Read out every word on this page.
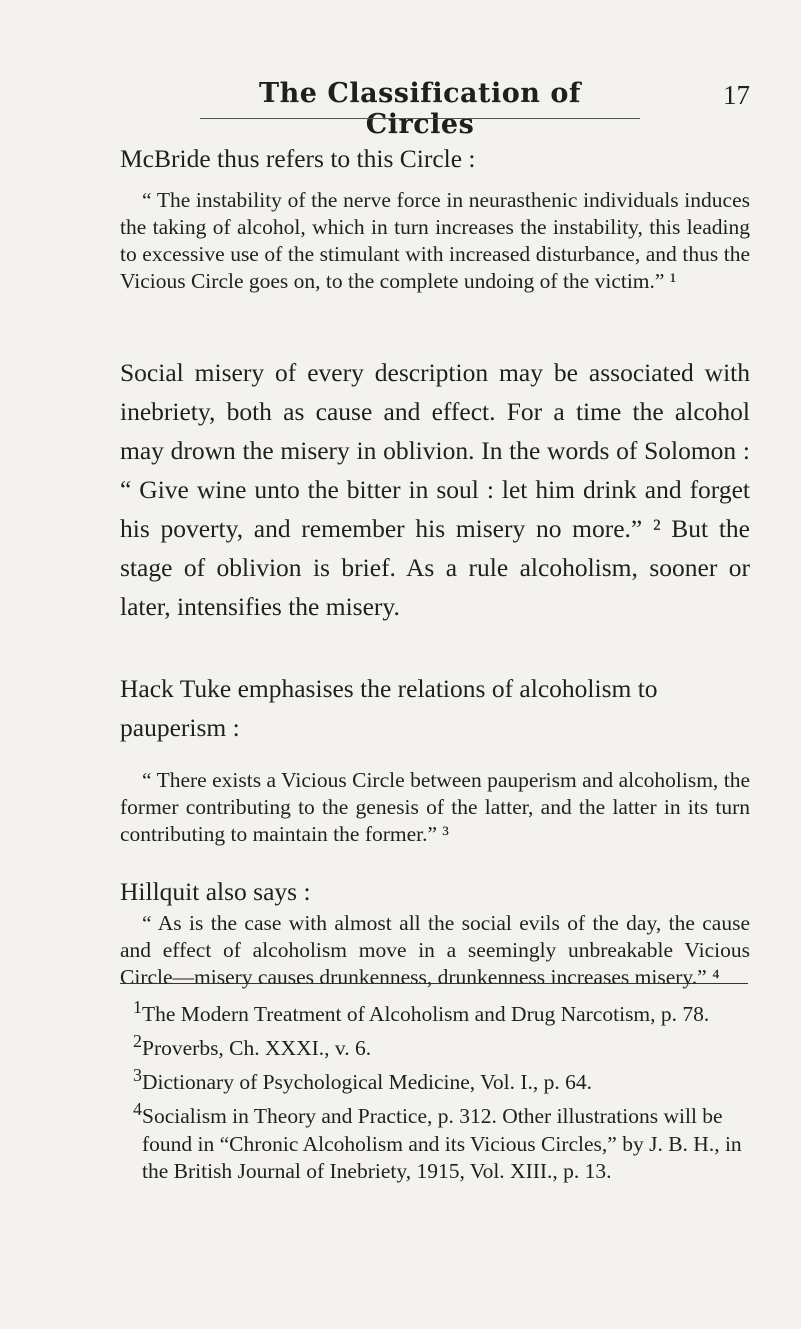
The Classification of Circles
17

McBride thus refers to this Circle :

“ The instability of the nerve force in neurasthenic individuals induces the taking of alcohol, which in turn increases the instability, this leading to excessive use of the stimulant with increased disturbance, and thus the Vicious Circle goes on, to the complete undoing of the victim.” ¹

Social misery of every description may be associated with inebriety, both as cause and effect. For a time the alcohol may drown the misery in oblivion. In the words of Solomon : “ Give wine unto the bitter in soul : let him drink and forget his poverty, and remember his misery no more.” ² But the stage of oblivion is brief. As a rule alcoholism, sooner or later, intensifies the misery.

Hack Tuke emphasises the relations of alcoholism to pauperism :

“ There exists a Vicious Circle between pauperism and alcoholism, the former contributing to the genesis of the latter, and the latter in its turn contributing to maintain the former.” ³

Hillquit also says :

“ As is the case with almost all the social evils of the day, the cause and effect of alcoholism move in a seemingly unbreakable Vicious Circle—misery causes drunkenness, drunkenness increases misery.” ⁴

$^1$The Modern Treatment of Alcoholism and Drug Narcotism, p. 78.

$^2$Proverbs, Ch. XXXI., v. 6.

$^3$Dictionary of Psychological Medicine, Vol. I., p. 64.

$^4$Socialism in Theory and Practice, p. 312. Other illustrations will be found in “Chronic Alcoholism and its Vicious Circles,” by J. B. H., in the British Journal of Inebriety, 1915, Vol. XIII., p. 13.
